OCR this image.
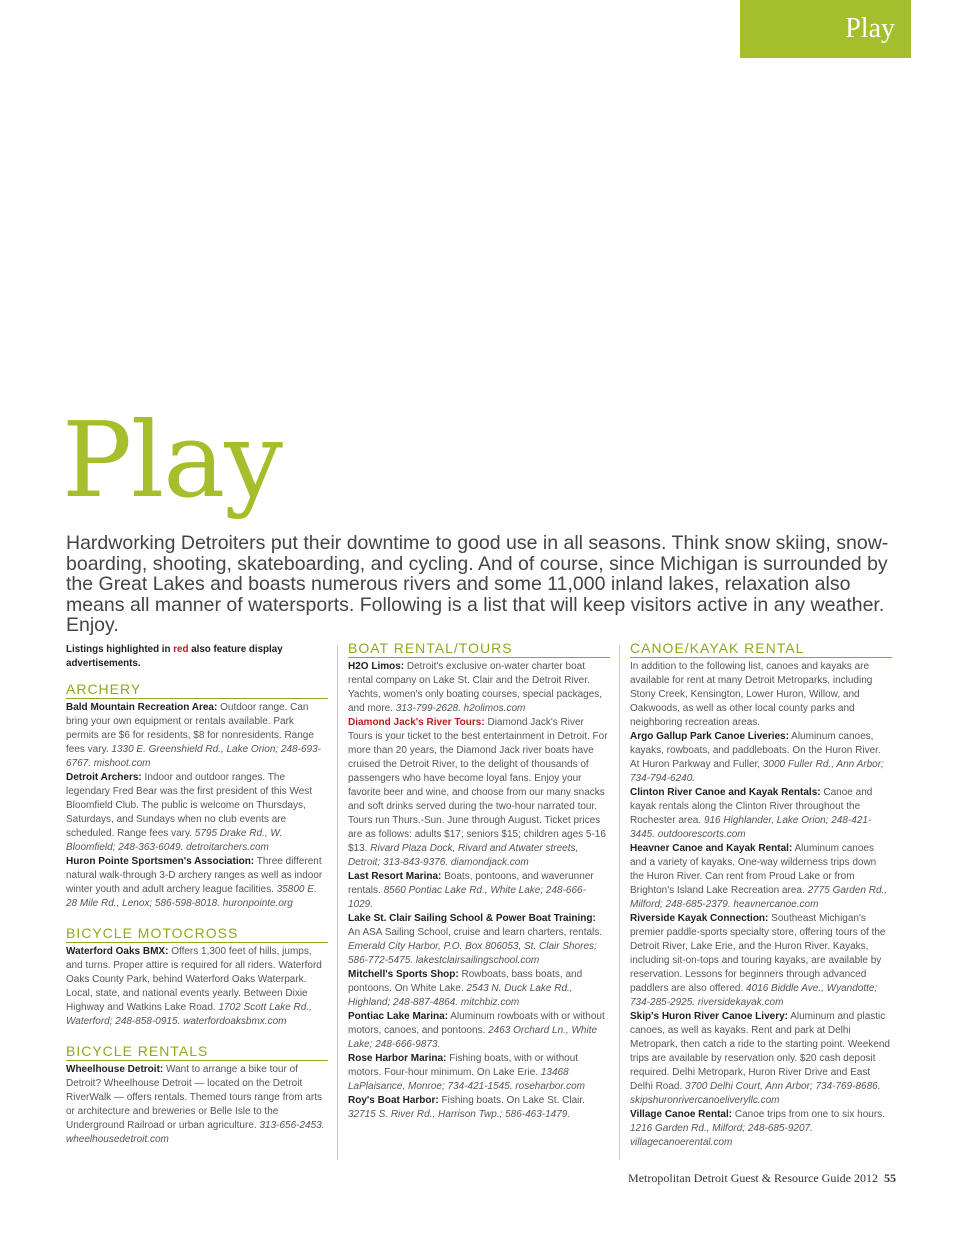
Play
Play

Hardworking Detroiters put their downtime to good use in all seasons. Think snow skiing, snow-boarding, shooting, skateboarding, and cycling. And of course, since Michigan is surrounded by the Great Lakes and boasts numerous rivers and some 11,000 inland lakes, relaxation also means all manner of watersports. Following is a list that will keep visitors active in any weather. Enjoy.

Listings highlighted in red also feature display advertisements.

ARCHERY

Bald Mountain Recreation Area: Outdoor range. Can bring your own equipment or rentals available. Park permits are $6 for residents, $8 for nonresidents. Range fees vary. 1330 E. Greenshield Rd., Lake Orion; 248-693-6767. mishoot.com

Detroit Archers: Indoor and outdoor ranges. The legendary Fred Bear was the first president of this West Bloomfield Club. The public is welcome on Thursdays, Saturdays, and Sundays when no club events are scheduled. Range fees vary. 5795 Drake Rd., W. Bloomfield; 248-363-6049. detroitarchers.com

Huron Pointe Sportsmen's Association: Three different natural walk-through 3-D archery ranges as well as indoor winter youth and adult archery league facilities. 35800 E. 28 Mile Rd., Lenox; 586-598-8018. huronpointe.org

BICYCLE MOTOCROSS

Waterford Oaks BMX: Offers 1,300 feet of hills, jumps, and turns. Proper attire is required for all riders. Waterford Oaks County Park, behind Waterford Oaks Waterpark. Local, state, and national events yearly. Between Dixie Highway and Watkins Lake Road. 1702 Scott Lake Rd., Waterford; 248-858-0915. waterfordoaksbmx.com

BICYCLE RENTALS

Wheelhouse Detroit: Want to arrange a bike tour of Detroit? Wheelhouse Detroit — located on the Detroit RiverWalk — offers rentals. Themed tours range from arts or architecture and breweries or Belle Isle to the Underground Railroad or urban agriculture. 313-656-2453. wheelhousedetroit.com

BOAT RENTAL/TOURS

H2O Limos: Detroit's exclusive on-water charter boat rental company on Lake St. Clair and the Detroit River. Yachts, women's only boating courses, special packages, and more. 313-799-2628. h2olimos.com

Diamond Jack's River Tours: Diamond Jack's River Tours is your ticket to the best entertainment in Detroit. For more than 20 years, the Diamond Jack river boats have cruised the Detroit River, to the delight of thousands of passengers who have become loyal fans. Enjoy your favorite beer and wine, and choose from our many snacks and soft drinks served during the two-hour narrated tour. Tours run Thurs.-Sun. June through August. Ticket prices are as follows: adults $17; seniors $15; children ages 5-16 $13. Rivard Plaza Dock, Rivard and Atwater streets, Detroit; 313-843-9376. diamondjack.com

Last Resort Marina: Boats, pontoons, and waverunner rentals. 8560 Pontiac Lake Rd., White Lake; 248-666-1029.

Lake St. Clair Sailing School & Power Boat Training: An ASA Sailing School, cruise and learn charters, rentals. Emerald City Harbor, P.O. Box 806053, St. Clair Shores; 586-772-5475. lakestclairsailingschool.com

Mitchell's Sports Shop: Rowboats, bass boats, and pontoons. On White Lake. 2543 N. Duck Lake Rd., Highland; 248-887-4864. mitchbiz.com

Pontiac Lake Marina: Aluminum rowboats with or without motors, canoes, and pontoons. 2463 Orchard Ln., White Lake; 248-666-9873.

Rose Harbor Marina: Fishing boats, with or without motors. Four-hour minimum. On Lake Erie. 13468 LaPlaisance, Monroe; 734-421-1545. roseharbor.com

Roy's Boat Harbor: Fishing boats. On Lake St. Clair. 32715 S. River Rd., Harrison Twp.; 586-463-1479.

CANOE/KAYAK RENTAL

In addition to the following list, canoes and kayaks are available for rent at many Detroit Metroparks, including Stony Creek, Kensington, Lower Huron, Willow, and Oakwoods, as well as other local county parks and neighboring recreation areas.

Argo Gallup Park Canoe Liveries: Aluminum canoes, kayaks, rowboats, and paddleboats. On the Huron River. At Huron Parkway and Fuller, 3000 Fuller Rd., Ann Arbor; 734-794-6240.

Clinton River Canoe and Kayak Rentals: Canoe and kayak rentals along the Clinton River throughout the Rochester area. 916 Highlander, Lake Orion; 248-421-3445. outdoorescorts.com

Heavner Canoe and Kayak Rental: Aluminum canoes and a variety of kayaks. One-way wilderness trips down the Huron River. Can rent from Proud Lake or from Brighton's Island Lake Recreation area. 2775 Garden Rd., Milford; 248-685-2379. heavnercanoe.com

Riverside Kayak Connection: Southeast Michigan's premier paddle-sports specialty store, offering tours of the Detroit River, Lake Erie, and the Huron River. Kayaks, including sit-on-tops and touring kayaks, are available by reservation. Lessons for beginners through advanced paddlers are also offered. 4016 Biddle Ave., Wyandotte; 734-285-2925. riversidekayak.com

Skip's Huron River Canoe Livery: Aluminum and plastic canoes, as well as kayaks. Rent and park at Delhi Metropark, then catch a ride to the starting point. Weekend trips are available by reservation only. $20 cash deposit required. Delhi Metropark, Huron River Drive and East Delhi Road. 3700 Delhi Court, Ann Arbor; 734-769-8686. skipshuronrivercanoeliveryllc.com

Village Canoe Rental: Canoe trips from one to six hours. 1216 Garden Rd., Milford; 248-685-9207. villagecanoerental.com

Metropolitan Detroit Guest & Resource Guide 2012 55
